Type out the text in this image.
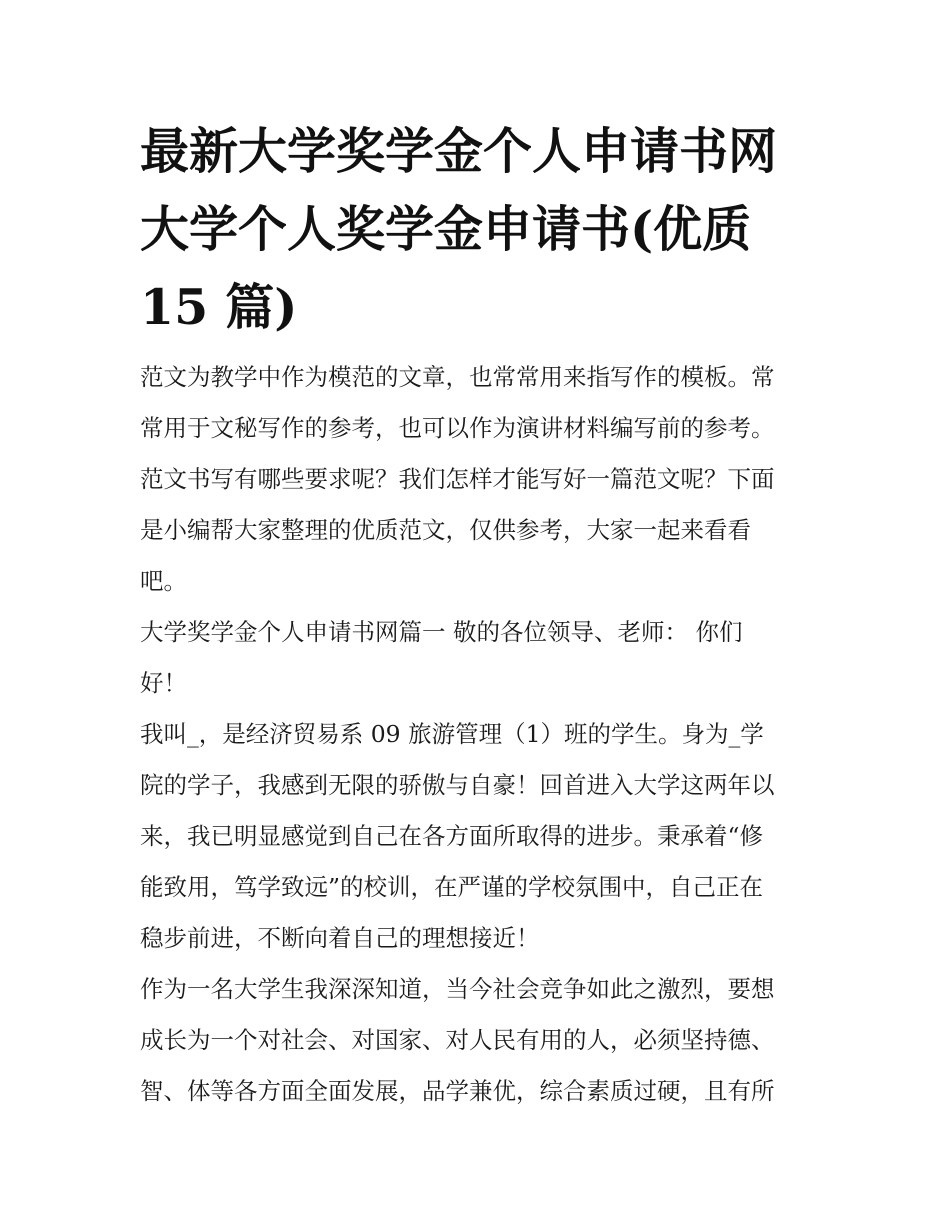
最新大学奖学金个人申请书网
大学个人奖学金申请书(优质
15 篇)
范文为教学中作为模范的文章，也常常用来指写作的模板。常
常用于文秘写作的参考，也可以作为演讲材料编写前的参考。
范文书写有哪些要求呢？我们怎样才能写好一篇范文呢？下面
是小编帮大家整理的优质范文，仅供参考，大家一起来看看
吧。
大学奖学金个人申请书网篇一 敬的各位领导、老师： 你们
好！
我叫_，是经济贸易系 09 旅游管理（1）班的学生。身为_学
院的学子，我感到无限的骄傲与自豪！回首进入大学这两年以
来，我已明显感觉到自己在各方面所取得的进步。秉承着“修
能致用，笃学致远”的校训，在严谨的学校氛围中，自己正在
稳步前进，不断向着自己的理想接近！
作为一名大学生我深深知道，当今社会竞争如此之激烈，要想
成长为一个对社会、对国家、对人民有用的人，必须坚持德、
智、体等各方面全面发展，品学兼优，综合素质过硬，且有所
